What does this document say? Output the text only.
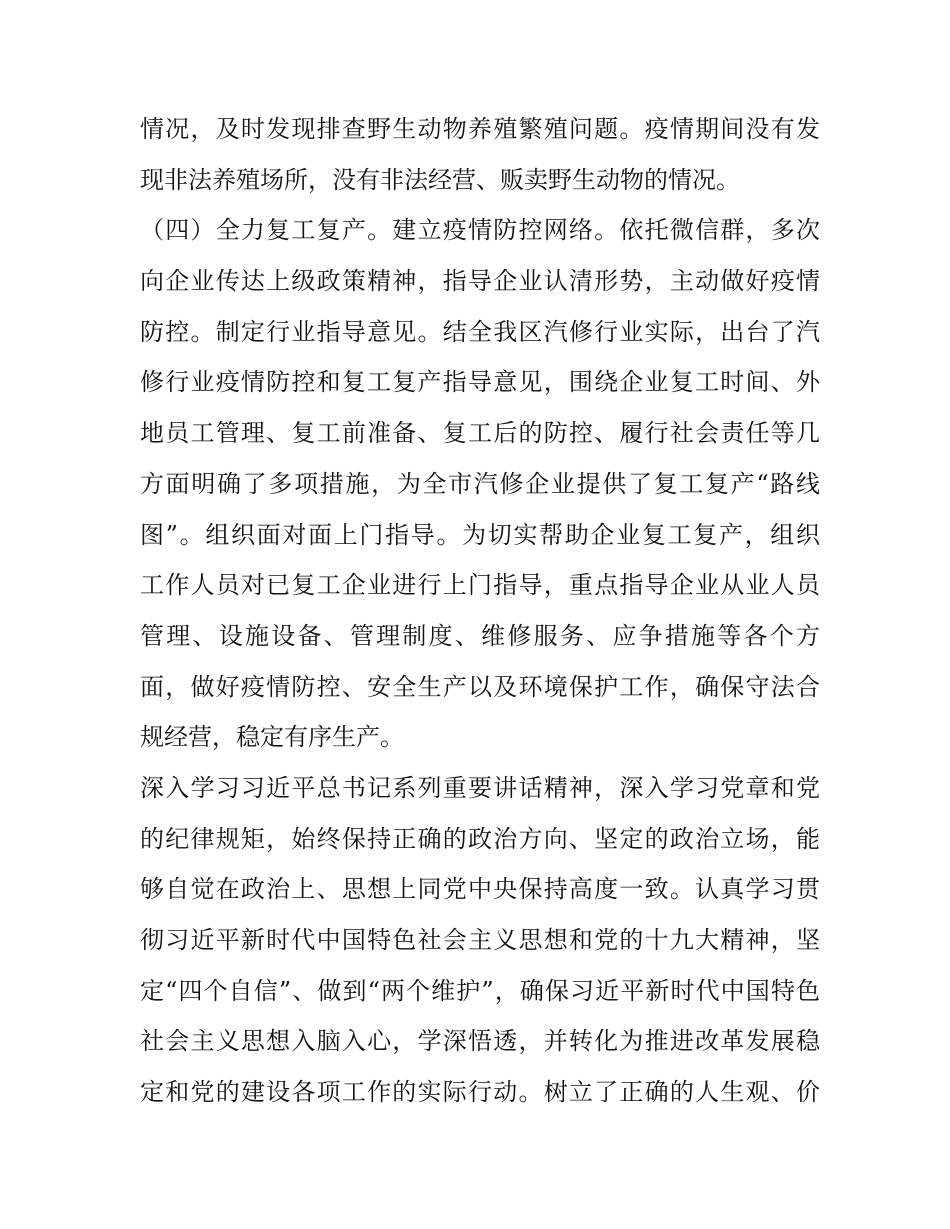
情况，及时发现排查野生动物养殖繁殖问题。疫情期间没有发
现非法养殖场所，没有非法经营、贩卖野生动物的情况。
（四）全力复工复产。建立疫情防控网络。依托微信群，多次
向企业传达上级政策精神，指导企业认清形势，主动做好疫情
防控。制定行业指导意见。结全我区汽修行业实际，出台了汽
修行业疫情防控和复工复产指导意见，围绕企业复工时间、外
地员工管理、复工前准备、复工后的防控、履行社会责任等几
方面明确了多项措施，为全市汽修企业提供了复工复产“路线
图”。组织面对面上门指导。为切实帮助企业复工复产，组织
工作人员对已复工企业进行上门指导，重点指导企业从业人员
管理、设施设备、管理制度、维修服务、应争措施等各个方
面，做好疫情防控、安全生产以及环境保护工作，确保守法合
规经营，稳定有序生产。
深入学习习近平总书记系列重要讲话精神，深入学习党章和党
的纪律规矩，始终保持正确的政治方向、坚定的政治立场，能
够自觉在政治上、思想上同党中央保持高度一致。认真学习贯
彻习近平新时代中国特色社会主义思想和党的十九大精神，坚
定“四个自信”、做到“两个维护”，确保习近平新时代中国特色
社会主义思想入脑入心，学深悟透，并转化为推进改革发展稳
定和党的建设各项工作的实际行动。树立了正确的人生观、价
